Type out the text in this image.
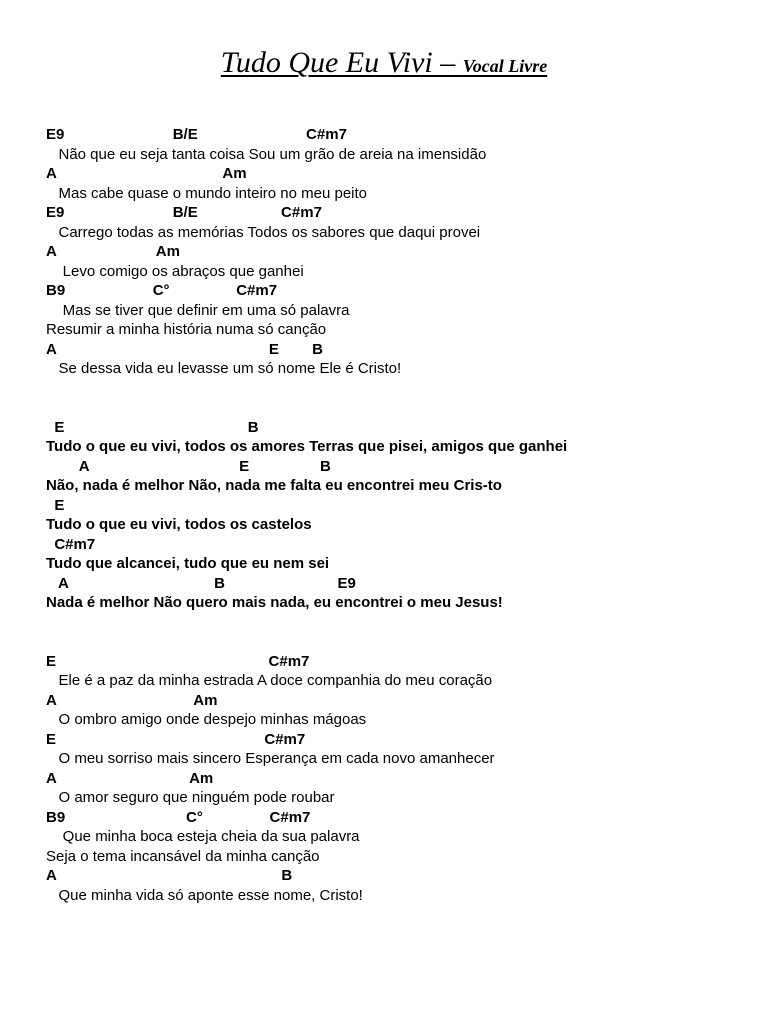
Tudo Que Eu Vivi – Vocal Livre
E9                          B/E                          C#m7
Não que eu seja tanta coisa Sou um grão de areia na imensidão
A                                        Am
Mas cabe quase o mundo inteiro no meu peito
E9                          B/E                    C#m7
Carrego todas as memórias Todos os sabores que daqui provei
A                        Am
Levo comigo os abraços que ganhei
B9                     C°                C#m7
Mas se tiver que definir em uma só palavra
Resumir a minha história numa só canção
A                                                   E        B
Se dessa vida eu levasse um só nome Ele é Cristo!
E                                            B
Tudo o que eu vivi, todos os amores Terras que pisei, amigos que ganhei
A                                    E                 B
Não, nada é melhor Não, nada me falta eu encontrei meu Cris-to
E
Tudo o que eu vivi, todos os castelos
C#m7
Tudo que alcancei, tudo que eu nem sei
A                                   B                           E9
Nada é melhor Não quero mais nada, eu encontrei o meu Jesus!
E                                                   C#m7
Ele é a paz da minha estrada A doce companhia do meu coração
A                                 Am
O ombro amigo onde despejo minhas mágoas
E                                                  C#m7
O meu sorriso mais sincero Esperança em cada novo amanhecer
A                                Am
O amor seguro que ninguém pode roubar
B9                             C°                C#m7
Que minha boca esteja cheia da sua palavra
Seja o tema incansável da minha canção
A                                                      B
Que minha vida só aponte esse nome, Cristo!
